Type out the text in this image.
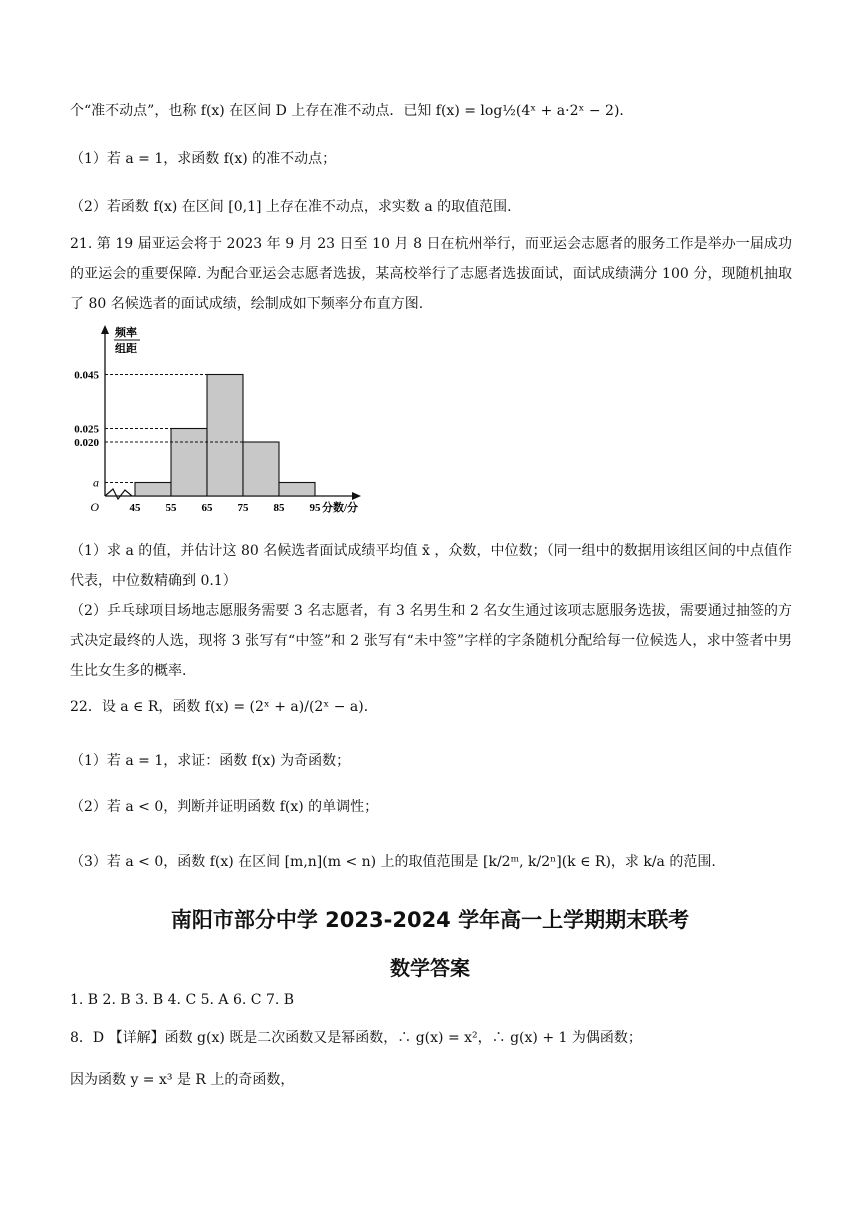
个“准不动点”，也称 f(x) 在区间 D 上存在准不动点．已知 f(x) = log½(4ˣ + a·2ˣ − 2)．
（1）若 a = 1，求函数 f(x) 的准不动点；
（2）若函数 f(x) 在区间 [0,1] 上存在准不动点，求实数 a 的取值范围.
21. 第 19 届亚运会将于 2023 年 9 月 23 日至 10 月 8 日在杭州举行，而亚运会志愿者的服务工作是举办一届成功的亚运会的重要保障. 为配合亚运会志愿者选拔，某高校举行了志愿者选拔面试，面试成绩满分 100 分，现随机抽取了 80 名候选者的面试成绩，绘制成如下频率分布直方图.
频率
组距
a
0.025
0.045
0.020
45 55 65 75 85 95
O	分数/分
（1）求 a 的值，并估计这 80 名候选者面试成绩平均值 x̄ ，众数，中位数；（同一组中的数据用该组区间的中点值作代表，中位数精确到 0.1）
（2）乒乓球项目场地志愿服务需要 3 名志愿者，有 3 名男生和 2 名女生通过该项志愿服务选拔，需要通过抽签的方式决定最终的人选，现将 3 张写有“中签”和 2 张写有“未中签”字样的字条随机分配给每一位候选人，求中签者中男生比女生多的概率.
22．设 a ∈ R，函数 f(x) = (2ˣ + a)/(2ˣ − a)．
（1）若 a = 1，求证：函数 f(x) 为奇函数；
（2）若 a < 0，判断并证明函数 f(x) 的单调性；
（3）若 a < 0，函数 f(x) 在区间 [m,n](m < n) 上的取值范围是 [k/2ᵐ, k/2ⁿ](k ∈ R)，求 k/a 的范围.
南阳市部分中学 2023-2024 学年高一上学期期末联考
数学答案
1. B 2. B 3. B 4. C 5. A 6. C 7. B
8．D 【详解】函数 g(x) 既是二次函数又是幂函数，∴ g(x) = x²，∴ g(x) + 1 为偶函数；
因为函数 y = x³ 是 R 上的奇函数，
